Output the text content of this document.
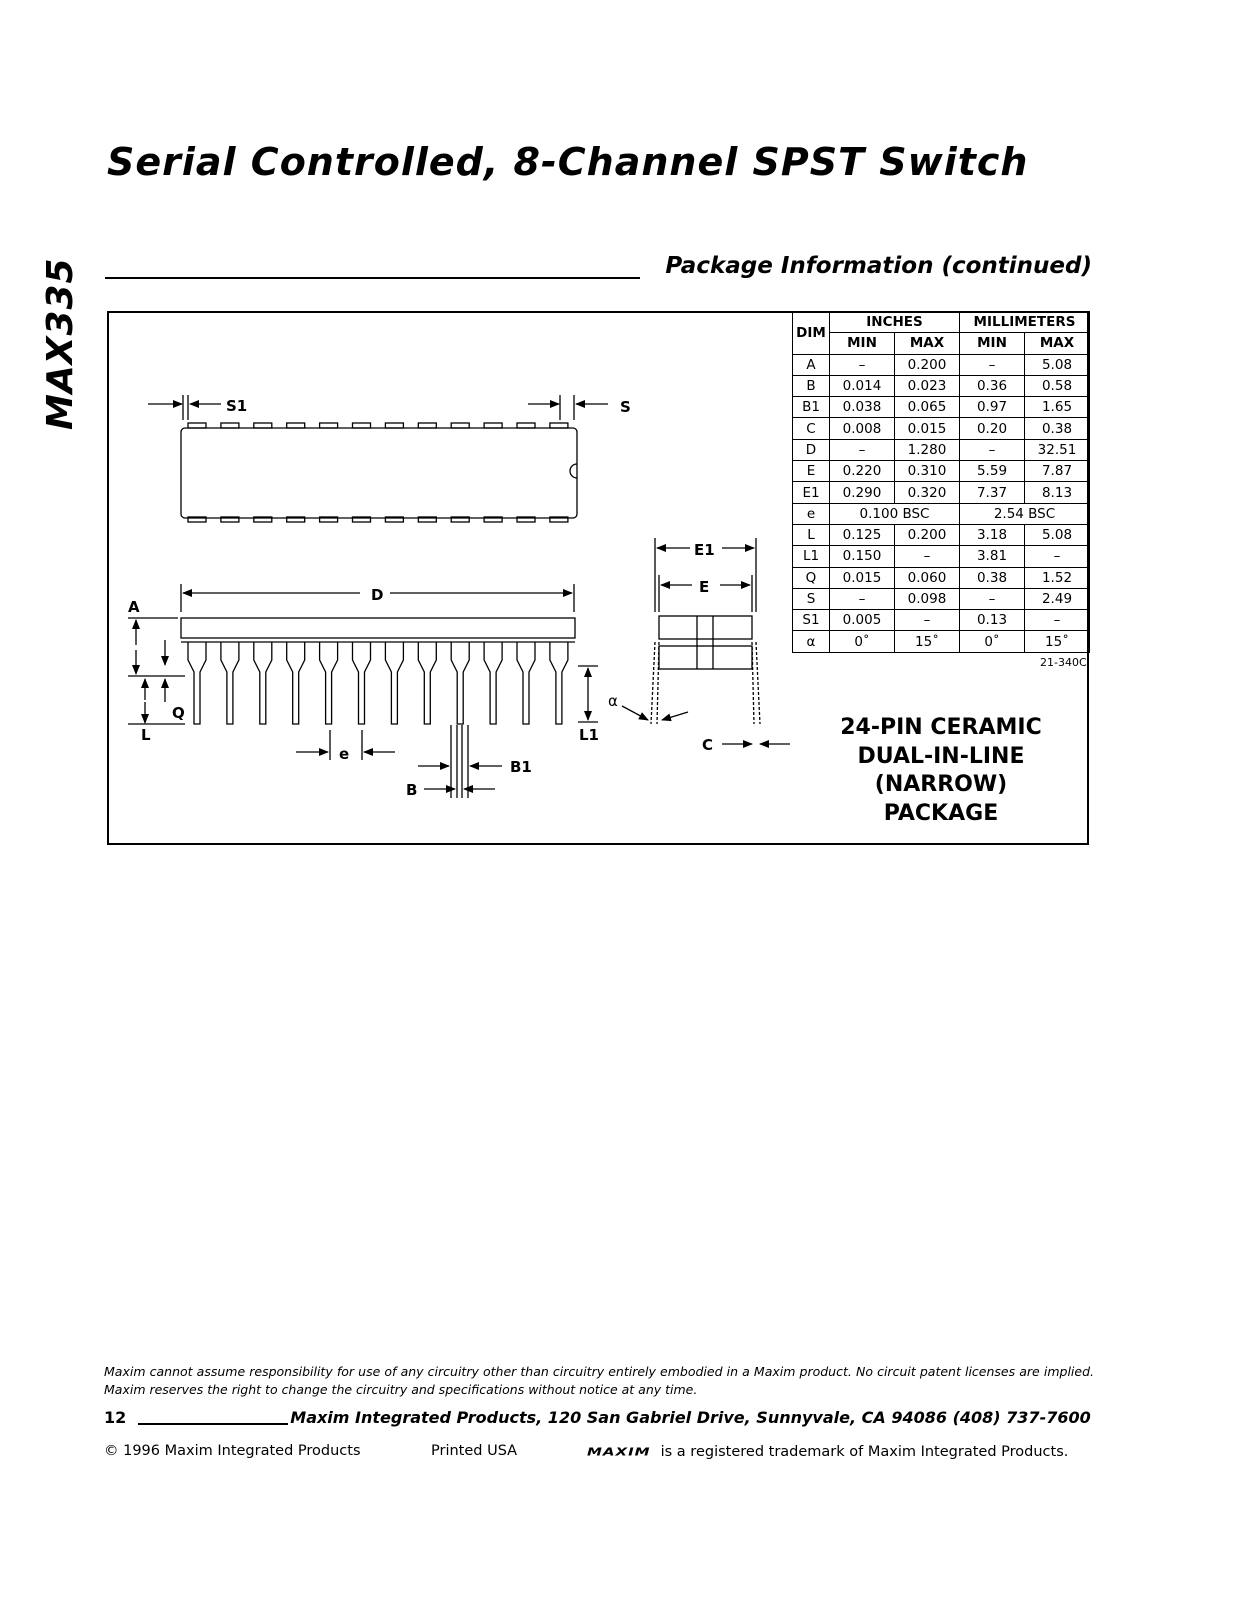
Serial Controlled, 8-Channel SPST Switch
MAX335	Package Information (continued)
S1	S
A
D
E1
E
Q
L	L1
α
e
B1
B
C
DIM	INCHES		MILLIMETERS	
	MIN	MAX	MIN	MAX
A	–	0.200	–	5.08
B	0.014	0.023	0.36	0.58
B1	0.038	0.065	0.97	1.65
C	0.008	0.015	0.20	0.38
D	–	1.280	–	32.51
E	0.220	0.310	5.59	7.87
E1	0.290	0.320	7.37	8.13
e	0.100 BSC		2.54 BSC	
L	0.125	0.200	3.18	5.08
L1	0.150	–	3.81	–
Q	0.015	0.060	0.38	1.52
S	–	0.098	–	2.49
S1	0.005	–	0.13	–
α	0˚	15˚	0˚	15˚
21-340C
24-PIN CERAMIC
DUAL-IN-LINE
(NARROW)
PACKAGE
Maxim cannot assume responsibility for use of any circuitry other than circuitry entirely embodied in a Maxim product. No circuit patent licenses are implied. Maxim reserves the right to change the circuitry and specifications without notice at any time.
12	Maxim Integrated Products, 120 San Gabriel Drive, Sunnyvale, CA 94086 (408) 737-7600
© 1996 Maxim Integrated Products	Printed USA	MAXIM is a registered trademark of Maxim Integrated Products.
